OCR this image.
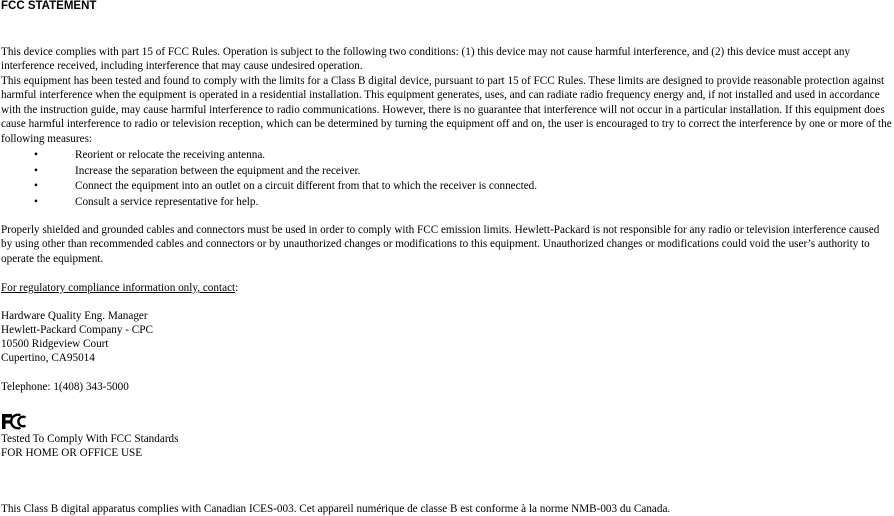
FCC STATEMENT

This device complies with part 15 of FCC Rules. Operation is subject to the following two conditions: (1) this device may not cause harmful interference, and (2) this device must accept any interference received, including interference that may cause undesired operation.

This equipment has been tested and found to comply with the limits for a Class B digital device, pursuant to part 15 of FCC Rules. These limits are designed to provide reasonable protection against harmful interference when the equipment is operated in a residential installation. This equipment generates, uses, and can radiate radio frequency energy and, if not installed and used in accordance with the instruction guide, may cause harmful interference to radio communications. However, there is no guarantee that interference will not occur in a particular installation. If this equipment does cause harmful interference to radio or television reception, which can be determined by turning the equipment off and on, the user is encouraged to try to correct the interference by one or more of the following measures:

•	Reorient or relocate the receiving antenna.
•	Increase the separation between the equipment and the receiver.
•	Connect the equipment into an outlet on a circuit different from that to which the receiver is connected.
•	Consult a service representative for help.

Properly shielded and grounded cables and connectors must be used in order to comply with FCC emission limits. Hewlett-Packard is not responsible for any radio or television interference caused by using other than recommended cables and connectors or by unauthorized changes or modifications to this equipment. Unauthorized changes or modifications could void the user’s authority to operate the equipment.

For regulatory compliance information only, contact:

Hardware Quality Eng. Manager

Hewlett-Packard Company - CPC

10500 Ridgeview Court

Cupertino, CA95014

Telephone: 1(408) 343-5000

Tested To Comply With FCC Standards

FOR HOME OR OFFICE USE

This Class B digital apparatus complies with Canadian ICES-003. Cet appareil numérique de classe B est conforme à la norme NMB-003 du Canada.
